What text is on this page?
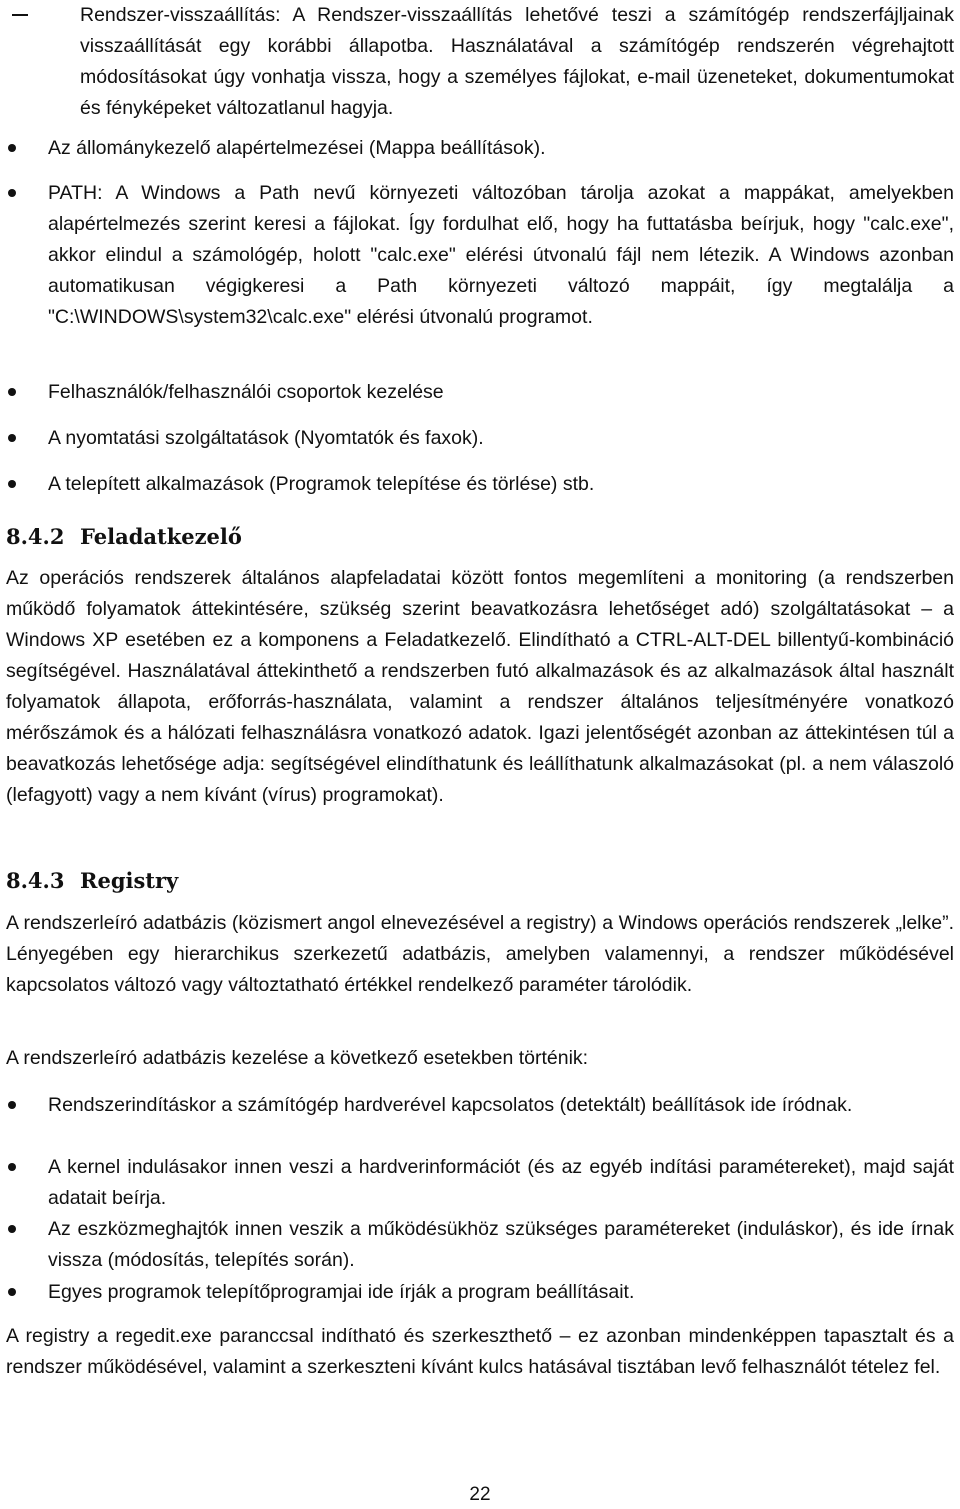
Rendszer-visszaállítás: A Rendszer-visszaállítás lehetővé teszi a számítógép rendszerfájljainak visszaállítását egy korábbi állapotba. Használatával a számítógép rendszerén végrehajtott módosításokat úgy vonhatja vissza, hogy a személyes fájlokat, e-mail üzeneteket, dokumentumokat és fényképeket változatlanul hagyja.

Az állománykezelő alapértelmezései (Mappa beállítások).

PATH: A Windows a Path nevű környezeti változóban tárolja azokat a mappákat, amelyekben alapértelmezés szerint keresi a fájlokat. Így fordulhat elő, hogy ha futtatásba beírjuk, hogy "calc.exe", akkor elindul a számológép, holott "calc.exe" elérési útvonalú fájl nem létezik. A Windows azonban automatikusan végigkeresi a Path környezeti változó mappáit, így megtalálja a "C:\WINDOWS\system32\calc.exe" elérési útvonalú programot.

Felhasználók/felhasználói csoportok kezelése

A nyomtatási szolgáltatások (Nyomtatók és faxok).

A telepített alkalmazások (Programok telepítése és törlése) stb.

8.4.2 Feladatkezelő

Az operációs rendszerek általános alapfeladatai között fontos megemlíteni a monitoring (a rendszerben működő folyamatok áttekintésére, szükség szerint beavatkozásra lehetőséget adó) szolgáltatásokat – a Windows XP esetében ez a komponens a Feladatkezelő. Elindítható a CTRL-ALT-DEL billentyű-kombináció segítségével. Használatával áttekinthető a rendszerben futó alkalmazások és az alkalmazások által használt folyamatok állapota, erőforrás-használata, valamint a rendszer általános teljesítményére vonatkozó mérőszámok és a hálózati felhasználásra vonatkozó adatok. Igazi jelentőségét azonban az áttekintésen túl a beavatkozás lehetősége adja: segítségével elindíthatunk és leállíthatunk alkalmazásokat (pl. a nem válaszoló (lefagyott) vagy a nem kívánt (vírus) programokat).

8.4.3 Registry

A rendszerleíró adatbázis (közismert angol elnevezésével a registry) a Windows operációs rendszerek „lelke”. Lényegében egy hierarchikus szerkezetű adatbázis, amelyben valamennyi, a rendszer működésével kapcsolatos változó vagy változtatható értékkel rendelkező paraméter tárolódik.

A rendszerleíró adatbázis kezelése a következő esetekben történik:

Rendszerindításkor a számítógép hardverével kapcsolatos (detektált) beállítások ide íródnak.

A kernel indulásakor innen veszi a hardverinformációt (és az egyéb indítási paramétereket), majd saját adatait beírja.

Az eszközmeghajtók innen veszik a működésükhöz szükséges paramétereket (induláskor), és ide írnak vissza (módosítás, telepítés során).

Egyes programok telepítőprogramjai ide írják a program beállításait.

A registry a regedit.exe paranccsal indítható és szerkeszthető – ez azonban mindenképpen tapasztalt és a rendszer működésével, valamint a szerkeszteni kívánt kulcs hatásával tisztában levő felhasználót tételez fel.

22
